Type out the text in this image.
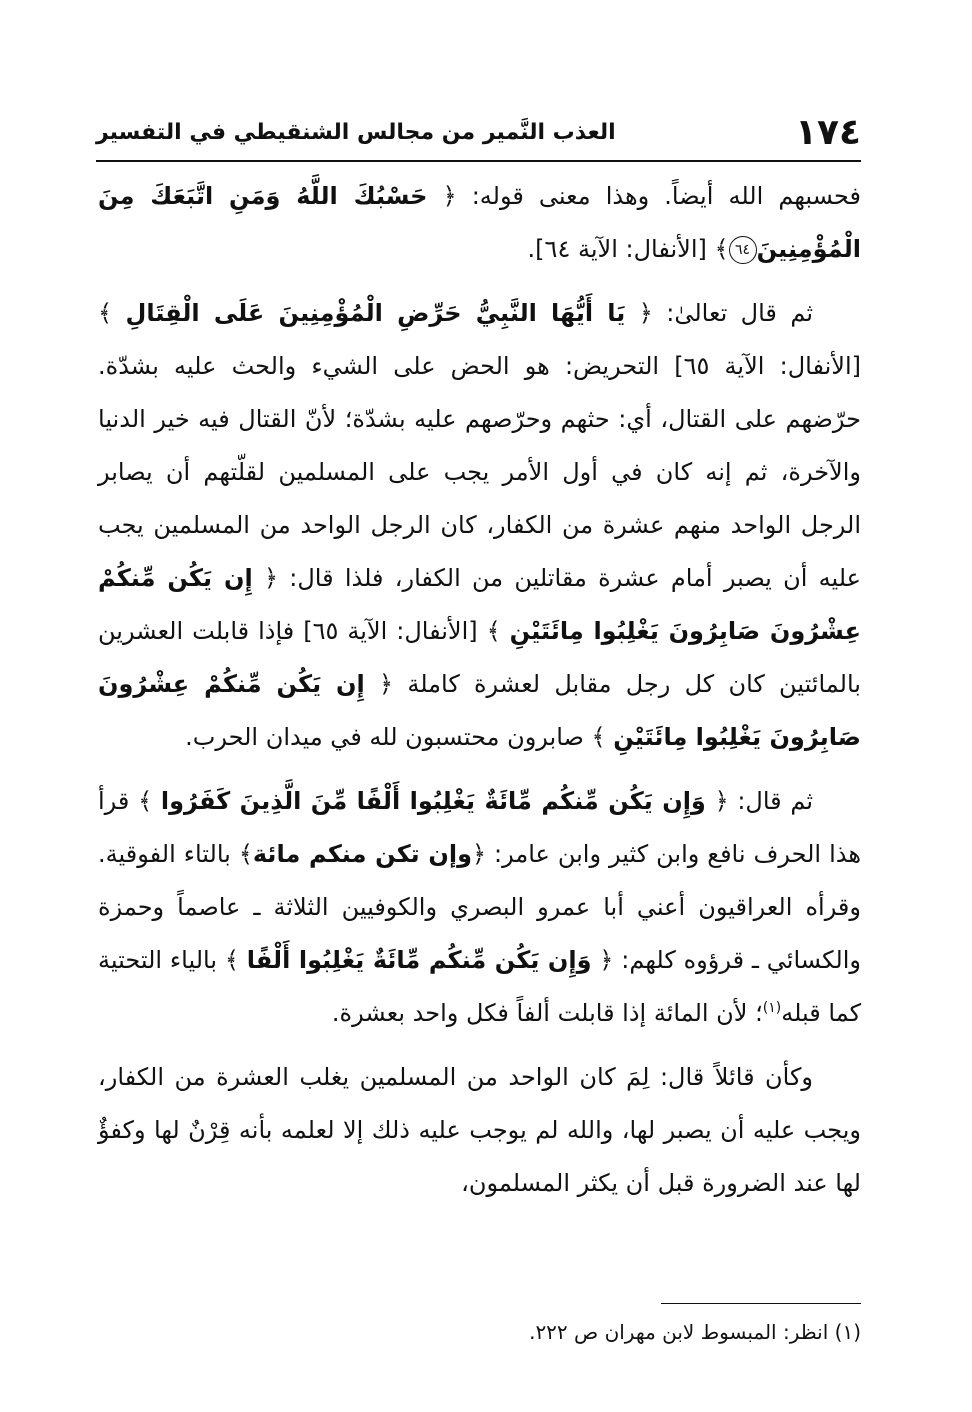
١٧٤
العذب النَّمير من مجالس الشنقيطي في التفسير

فحسبهم الله أيضاً. وهذا معنى قوله: ﴿ حَسْبُكَ اللَّهُ وَمَنِ اتَّبَعَكَ مِنَ الْمُؤْمِنِينَ٦٤﴾ [الأنفال: الآية ٦٤].

ثم قال تعالىٰ: ﴿ يَا أَيُّهَا النَّبِيُّ حَرِّضِ الْمُؤْمِنِينَ عَلَى الْقِتَالِ ﴾ [الأنفال: الآية ٦٥] التحريض: هو الحض على الشيء والحث عليه بشدّة. حرّضهم على القتال، أي: حثهم وحرّصهم عليه بشدّة؛ لأنّ القتال فيه خير الدنيا والآخرة، ثم إنه كان في أول الأمر يجب على المسلمين لقلّتهم أن يصابر الرجل الواحد منهم عشرة من الكفار، كان الرجل الواحد من المسلمين يجب عليه أن يصبر أمام عشرة مقاتلين من الكفار، فلذا قال: ﴿ إِن يَكُن مِّنكُمْ عِشْرُونَ صَابِرُونَ يَغْلِبُوا مِائَتَيْنِ ﴾ [الأنفال: الآية ٦٥] فإذا قابلت العشرين بالمائتين كان كل رجل مقابل لعشرة كاملة ﴿ إِن يَكُن مِّنكُمْ عِشْرُونَ صَابِرُونَ يَغْلِبُوا مِائَتَيْنِ ﴾ صابرون محتسبون لله في ميدان الحرب.

ثم قال: ﴿ وَإِن يَكُن مِّنكُم مِّائَةٌ يَغْلِبُوا أَلْفًا مِّنَ الَّذِينَ كَفَرُوا ﴾ قرأ هذا الحرف نافع وابن كثير وابن عامر: ﴿وإن تكن منكم مائة﴾ بالتاء الفوقية. وقرأه العراقيون أعني أبا عمرو البصري والكوفيين الثلاثة ـ عاصماً وحمزة والكسائي ـ قرؤوه كلهم: ﴿ وَإِن يَكُن مِّنكُم مِّائَةٌ يَغْلِبُوا أَلْفًا ﴾ بالياء التحتية كما قبله$^{(١)}$؛ لأن المائة إذا قابلت ألفاً فكل واحد بعشرة.

وكأن قائلاً قال: لِمَ كان الواحد من المسلمين يغلب العشرة من الكفار، ويجب عليه أن يصبر لها، والله لم يوجب عليه ذلك إلا لعلمه بأنه قِرْنٌ لها وكفؤٌ لها عند الضرورة قبل أن يكثر المسلمون،

(١) انظر: المبسوط لابن مهران ص ٢٢٢.
